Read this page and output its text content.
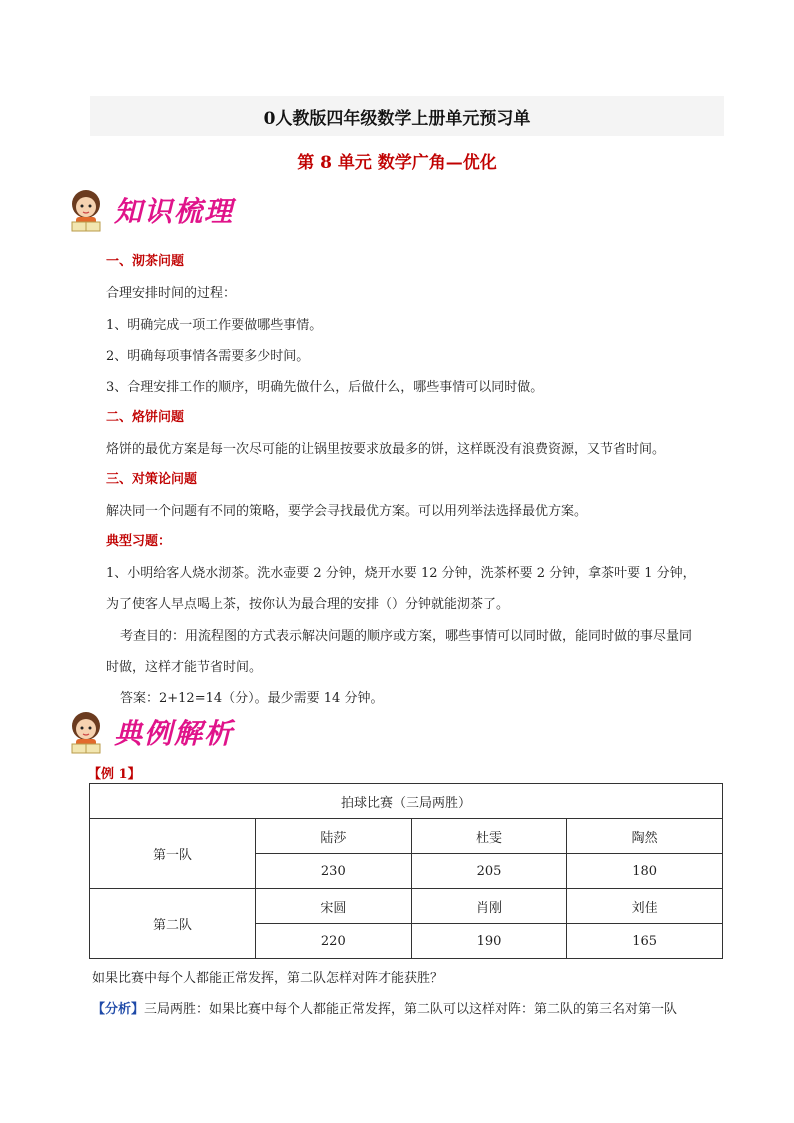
0人教版四年级数学上册单元预习单
第 8 单元 数学广角—优化
知识梳理
一、沏茶问题
合理安排时间的过程：
1、明确完成一项工作要做哪些事情。
2、明确每项事情各需要多少时间。
3、合理安排工作的顺序，明确先做什么，后做什么，哪些事情可以同时做。
二、烙饼问题
烙饼的最优方案是每一次尽可能的让锅里按要求放最多的饼，这样既没有浪费资源，又节省时间。
三、对策论问题
解决同一个问题有不同的策略，要学会寻找最优方案。可以用列举法选择最优方案。
典型习题：
1、小明给客人烧水沏茶。洗水壶要 2 分钟，烧开水要 12 分钟，洗茶杯要 2 分钟，拿茶叶要 1 分钟，
为了使客人早点喝上茶，按你认为最合理的安排（）分钟就能沏茶了。
考查目的：用流程图的方式表示解决问题的顺序或方案，哪些事情可以同时做，能同时做的事尽量同
时做，这样才能节省时间。
答案：2+12=14（分）。最少需要 14 分钟。
典例解析
【例 1】
拍球比赛（三局两胜）			
第一队	陆莎	杜雯	陶然
	230	205	180
第二队	宋圆	肖刚	刘佳
	220	190	165
如果比赛中每个人都能正常发挥，第二队怎样对阵才能获胜？
【分析】三局两胜：如果比赛中每个人都能正常发挥，第二队可以这样对阵：第二队的第三名对第一队
